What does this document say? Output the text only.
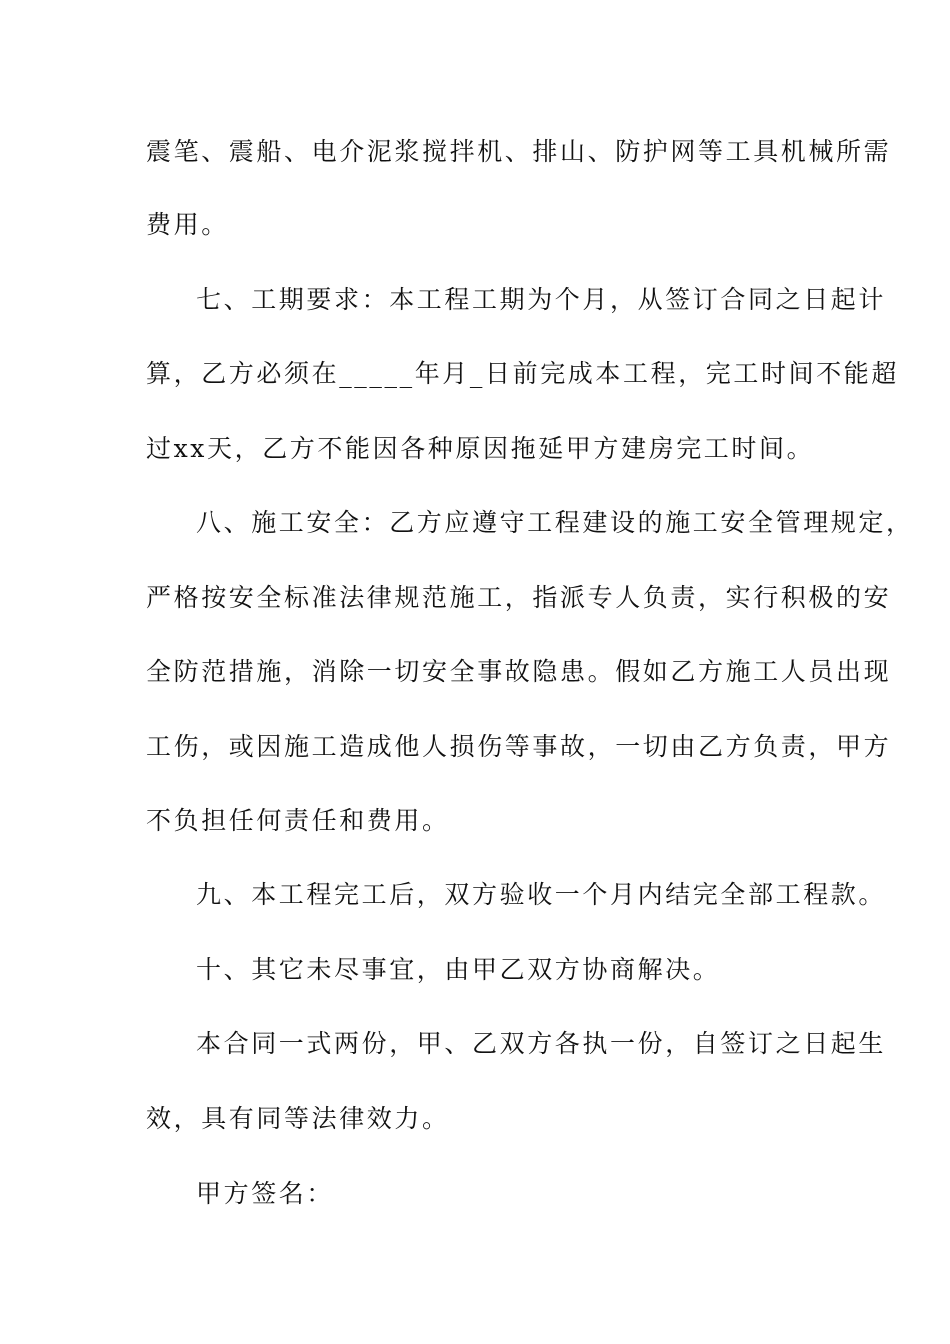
震笔、震船、电介泥浆搅拌机、排山、防护网等工具机械所需
费用。
七、工期要求：本工程工期为个月，从签订合同之日起计
算，乙方必须在_____年月_日前完成本工程，完工时间不能超
过xx天，乙方不能因各种原因拖延甲方建房完工时间。
八、施工安全：乙方应遵守工程建设的施工安全管理规定，
严格按安全标准法律规范施工，指派专人负责，实行积极的安
全防范措施，消除一切安全事故隐患。假如乙方施工人员出现
工伤，或因施工造成他人损伤等事故，一切由乙方负责，甲方
不负担任何责任和费用。
九、本工程完工后，双方验收一个月内结完全部工程款。
十、其它未尽事宜，由甲乙双方协商解决。
本合同一式两份，甲、乙双方各执一份，自签订之日起生
效，具有同等法律效力。
甲方签名：
